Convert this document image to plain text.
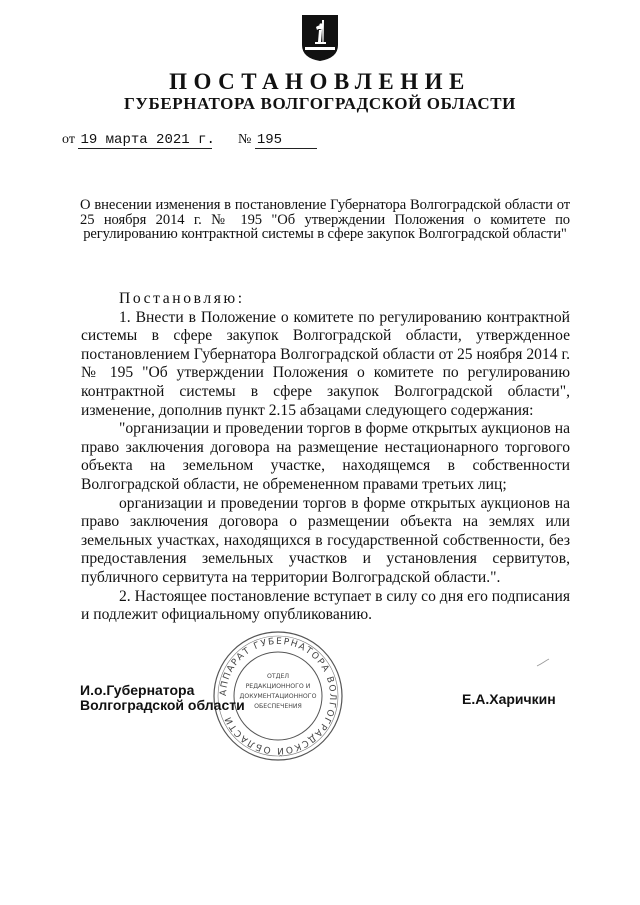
ПОСТАНОВЛЕНИЕ
ГУБЕРНАТОРА ВОЛГОГРАДСКОЙ ОБЛАСТИ
от 19 марта 2021 г. № 195
О внесении изменения в постановление Губернатора Волгоградской области от 25 ноября 2014 г. № 195 "Об утверждении Положения о комитете по регулированию контрактной системы в сфере закупок Волгоградской области"

Постановляю:

1. Внести в Положение о комитете по регулированию контрактной системы в сфере закупок Волгоградской области, утвержденное постановлением Губернатора Волгоградской области от 25 ноября 2014 г. № 195 "Об утверждении Положения о комитете по регулированию контрактной системы в сфере закупок Волгоградской области", изменение, дополнив пункт 2.15 абзацами следующего содержания:

"организации и проведении торгов в форме открытых аукционов на право заключения договора на размещение нестационарного торгового объекта на земельном участке, находящемся в собственности Волгоградской области, не обремененном правами третьих лиц;

организации и проведении торгов в форме открытых аукционов на право заключения договора о размещении объекта на землях или земельных участках, находящихся в государственной собственности, без предоставления земельных участков и установления сервитутов, публичного сервитута на территории Волгоградской области.".

2. Настоящее постановление вступает в силу со дня его подписания и подлежит официальному опубликованию.

АППАРАТ ГУБЕРНАТОРА ВОЛГОГРАДСКОЙ ОБЛАСТИ
ОТДЕЛ
РЕДАКЦИОННОГО И
ДОКУМЕНТАЦИОННОГО
ОБЕСПЕЧЕНИЯ
И.о.Губернатора
Волгоградской области	Е.А.Харичкин
